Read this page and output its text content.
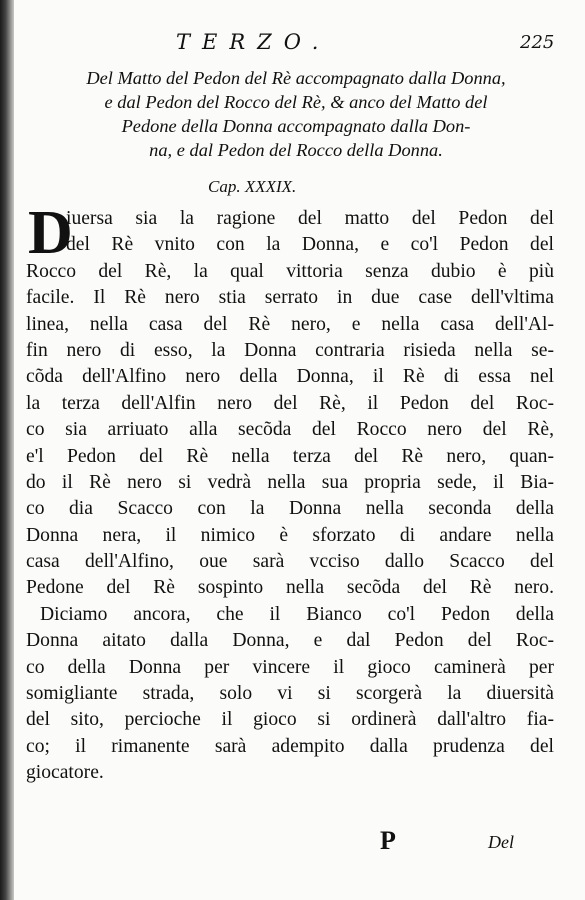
TERZO.	225
Del Matto del Pedon del Rè accompagnato dalla Donna,
e dal Pedon del Rocco del Rè, & anco del Matto del
Pedone della Donna accompagnato dalla Don-
na, e dal Pedon del Rocco della Donna.
Cap. XXXIX.
D
iuersa sia la ragione del matto del Pedon del
del Rè vnito con la Donna, e co'l Pedon del
Rocco del Rè, la qual vittoria senza dubio è più
facile. Il Rè nero stia serrato in due case dell'vltima
linea, nella casa del Rè nero, e nella casa dell'Al-
fin nero di esso, la Donna contraria risieda nella se-
cõda dell'Alfino nero della Donna, il Rè di essa nel
la terza dell'Alfin nero del Rè, il Pedon del Roc-
co sia arriuato alla secõda del Rocco nero del Rè,
e'l Pedon del Rè nella terza del Rè nero, quan-
do il Rè nero si vedrà nella sua propria sede, il Bia-
co dia Scacco con la Donna nella seconda della
Donna nera, il nimico è sforzato di andare nella
casa dell'Alfino, oue sarà vcciso dallo Scacco del
Pedone del Rè sospinto nella secõda del Rè nero.
Diciamo ancora, che il Bianco co'l Pedon della
Donna aitato dalla Donna, e dal Pedon del Roc-
co della Donna per vincere il gioco caminerà per
somigliante strada, solo vi si scorgerà la diuersità
del sito, percioche il gioco si ordinerà dall'altro fia-
co; il rimanente sarà adempito dalla prudenza del
giocatore.
P	Del
